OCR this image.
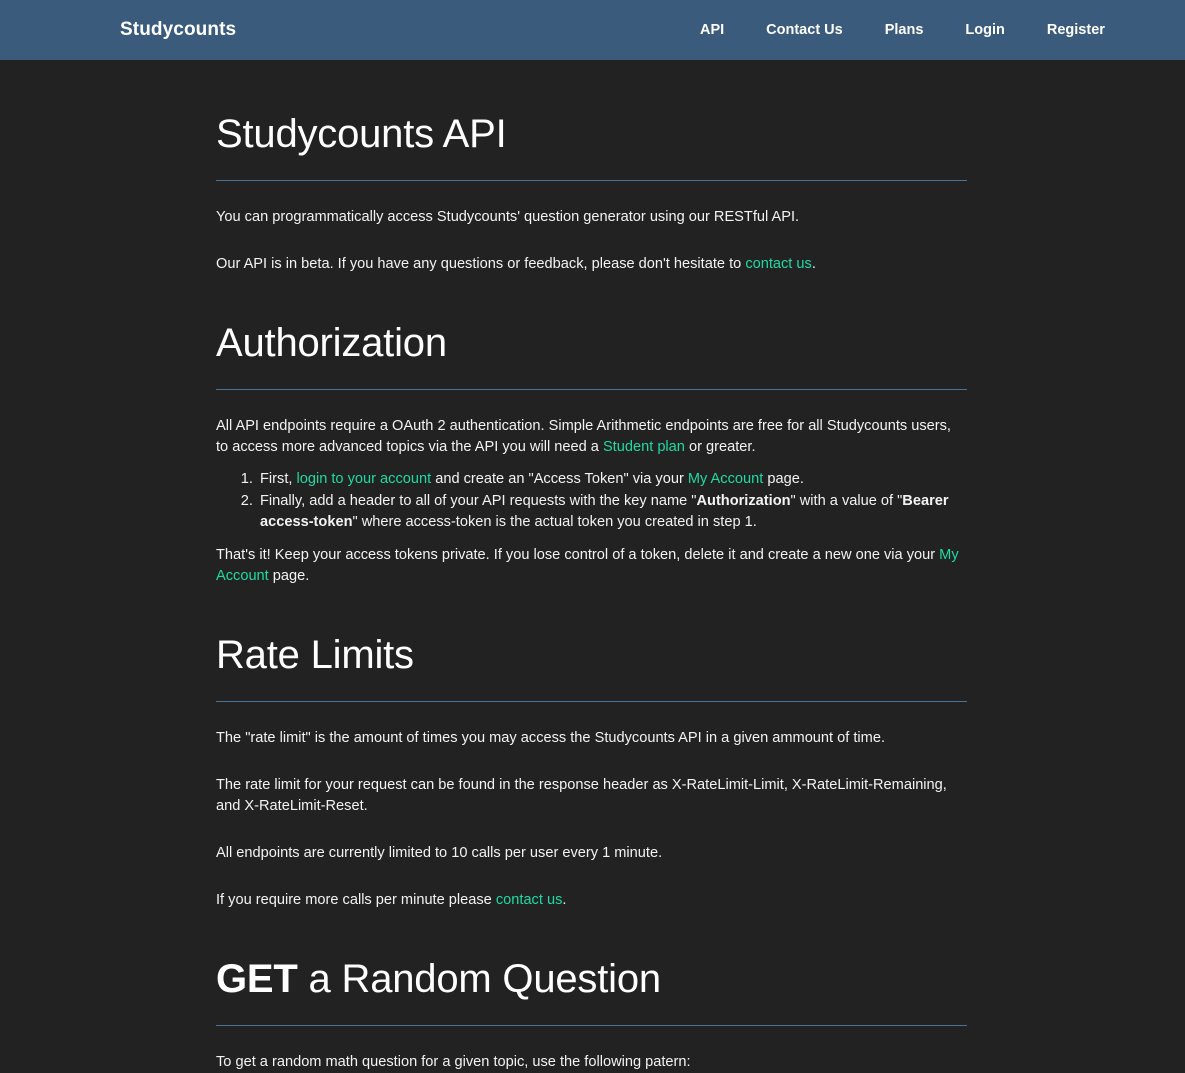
Studycounts	API	Contact Us	Plans	Login	Register
Studycounts API

You can programmatically access Studycounts' question generator using our RESTful API.

Our API is in beta. If you have any questions or feedback, please don't hesitate to contact us.

Authorization

All API endpoints require a OAuth 2 authentication. Simple Arithmetic endpoints are free for all Studycounts users, to access more advanced topics via the API you will need a Student plan or greater.

1. First, login to your account and create an "Access Token" via your My Account page.
2. Finally, add a header to all of your API requests with the key name "Authorization" with a value of "Bearer access-token" where access-token is the actual token you created in step 1.

That's it! Keep your access tokens private. If you lose control of a token, delete it and create a new one via your My Account page.

Rate Limits

The "rate limit" is the amount of times you may access the Studycounts API in a given ammount of time.

The rate limit for your request can be found in the response header as X-RateLimit-Limit, X-RateLimit-Remaining, and X-RateLimit-Reset.

All endpoints are currently limited to 10 calls per user every 1 minute.

If you require more calls per minute please contact us.

GET a Random Question

To get a random math question for a given topic, use the following patern:
